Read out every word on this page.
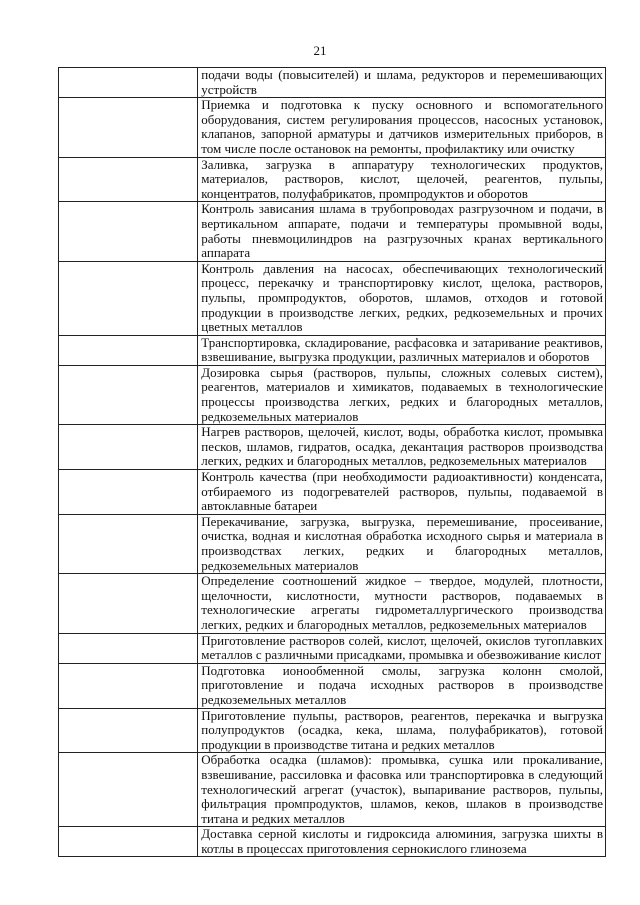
21

	подачи воды (повысителей) и шлама, редукторов и перемешивающих устройств

	Приемка и подготовка к пуску основного и вспомогательного оборудования, систем регулирования процессов, насосных установок, клапанов, запорной арматуры и датчиков измерительных приборов, в том числе после остановок на ремонты, профилактику или очистку

	Заливка, загрузка в аппаратуру технологических продуктов, материалов, растворов, кислот, щелочей, реагентов, пульпы, концентратов, полуфабрикатов, промпродуктов и оборотов

	Контроль зависания шлама в трубопроводах разгрузочном и подачи, в вертикальном аппарате, подачи и температуры промывной воды, работы пневмоцилиндров на разгрузочных кранах вертикального аппарата

	Контроль давления на насосах, обеспечивающих технологический процесс, перекачку и транспортировку кислот, щелока, растворов, пульпы, промпродуктов, оборотов, шламов, отходов и готовой продукции в производстве легких, редких, редкоземельных и прочих цветных металлов

	Транспортировка, складирование, расфасовка и затаривание реактивов, взвешивание, выгрузка продукции, различных материалов и оборотов

	Дозировка сырья (растворов, пульпы, сложных солевых систем), реагентов, материалов и химикатов, подаваемых в технологические процессы производства легких, редких и благородных металлов, редкоземельных материалов

	Нагрев растворов, щелочей, кислот, воды, обработка кислот, промывка песков, шламов, гидратов, осадка, декантация растворов производства легких, редких и благородных металлов, редкоземельных материалов

	Контроль качества (при необходимости радиоактивности) конденсата, отбираемого из подогревателей растворов, пульпы, подаваемой в автоклавные батареи

	Перекачивание, загрузка, выгрузка, перемешивание, просеивание, очистка, водная и кислотная обработка исходного сырья и материала в производствах легких, редких и благородных металлов, редкоземельных материалов

	Определение соотношений жидкое – твердое, модулей, плотности, щелочности, кислотности, мутности растворов, подаваемых в технологические агрегаты гидрометаллургического производства легких, редких и благородных металлов, редкоземельных материалов

	Приготовление растворов солей, кислот, щелочей, окислов тугоплавких металлов с различными присадками, промывка и обезвоживание кислот

	Подготовка ионообменной смолы, загрузка колонн смолой, приготовление и подача исходных растворов в производстве редкоземельных металлов

	Приготовление пульпы, растворов, реагентов, перекачка и выгрузка полупродуктов (осадка, кека, шлама, полуфабрикатов), готовой продукции в производстве титана и редких металлов

	Обработка осадка (шламов): промывка, сушка или прокаливание, взвешивание, рассиловка и фасовка или транспортировка в следующий технологический агрегат (участок), выпаривание растворов, пульпы, фильтрация промпродуктов, шламов, кеков, шлаков в производстве титана и редких металлов

	Доставка серной кислоты и гидроксида алюминия, загрузка шихты в котлы в процессах приготовления сернокислого глинозема
